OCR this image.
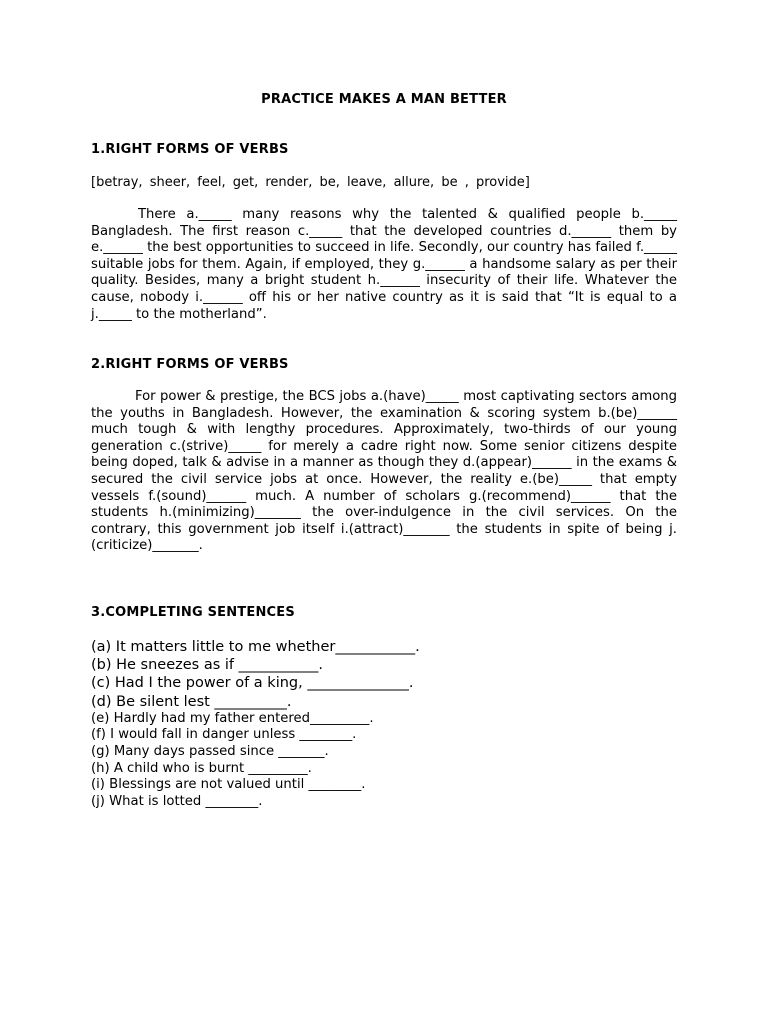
PRACTICE MAKES A MAN BETTER
1.RIGHT FORMS OF VERBS
[betray, sheer, feel, get, render, be, leave, allure, be , provide]

There a._____ many reasons why the talented & qualified people b._____ Bangladesh. The first reason c._____ that the developed countries d.______ them by e.______ the best opportunities to succeed in life. Secondly, our country has failed f._____ suitable jobs for them. Again, if employed, they g.______ a handsome salary as per their quality. Besides, many a bright student h.______ insecurity of their life. Whatever the cause, nobody i.______ off his or her native country as it is said that “It is equal to a j._____ to the motherland”.

2.RIGHT FORMS OF VERBS

For power & prestige, the BCS jobs a.(have)_____ most captivating sectors among the youths in Bangladesh. However, the examination & scoring system b.(be)______ much tough & with lengthy procedures. Approximately, two-thirds of our young generation c.(strive)_____ for merely a cadre right now. Some senior citizens despite being doped, talk & advise in a manner as though they d.(appear)______ in the exams & secured the civil service jobs at once. However, the reality e.(be)_____ that empty vessels f.(sound)______ much. A number of scholars g.(recommend)______ that the students h.(minimizing)_______ the over-indulgence in the civil services. On the contrary, this government job itself i.(attract)_______ the students in spite of being j.(criticize)_______.

3.COMPLETING SENTENCES
(a) It matters little to me whether___________.
(b) He sneezes as if ___________.
(c) Had I the power of a king, ______________.
(d) Be silent lest __________.
(e) Hardly had my father entered_________.
(f) I would fall in danger unless ________.
(g) Many days passed since _______.
(h) A child who is burnt _________.
(i) Blessings are not valued until ________.
(j) What is lotted ________.
